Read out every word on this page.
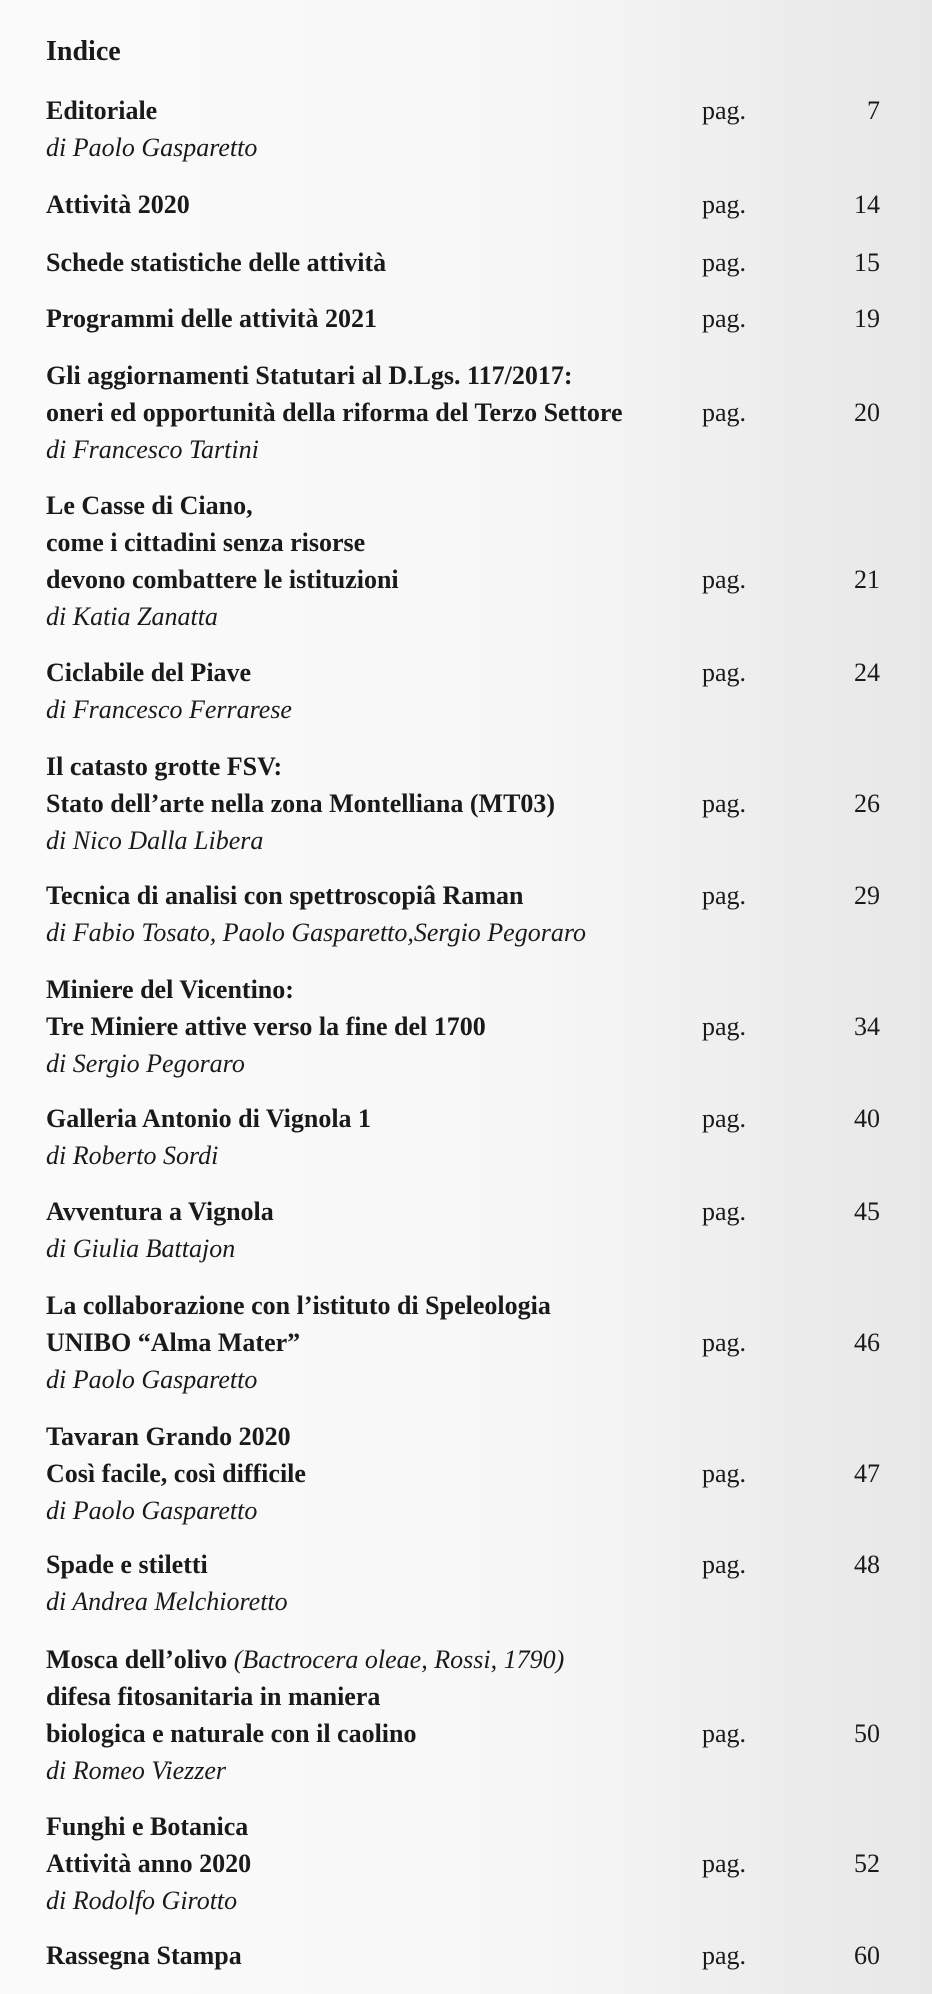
Indice
Editoriale
di Paolo Gasparetto
pag.	7
Attività 2020	pag.	14
Schede statistiche delle attività	pag.	15
Programmi delle attività 2021	pag.	19
Gli aggiornamenti Statutari al D.Lgs. 117/2017:
oneri ed opportunità della riforma del Terzo Settore
di Francesco Tartini
pag.	20
Le Casse di Ciano,
come i cittadini senza risorse
devono combattere le istituzioni
di Katia Zanatta
pag.	21
Ciclabile del Piave
di Francesco Ferrarese
pag.	24
Il catasto grotte FSV:
Stato dell’arte nella zona Montelliana (MT03)
di Nico Dalla Libera
pag.	26
Tecnica di analisi con spettroscopiâ Raman
di Fabio Tosato, Paolo Gasparetto,Sergio Pegoraro
pag.	29
Miniere del Vicentino:
Tre Miniere attive verso la fine del 1700
di Sergio Pegoraro
pag.	34
Galleria Antonio di Vignola 1
di Roberto Sordi
pag.	40
Avventura a Vignola
di Giulia Battajon
pag.	45
La collaborazione con l’istituto di Speleologia
UNIBO “Alma Mater”
di Paolo Gasparetto
pag.	46
Tavaran Grando 2020
Così facile, così difficile
di Paolo Gasparetto
pag.	47
Spade e stiletti
di Andrea Melchioretto
pag.	48
Mosca dell’olivo (Bactrocera oleae, Rossi, 1790)
difesa fitosanitaria in maniera
biologica e naturale con il caolino
di Romeo Viezzer
pag.	50
Funghi e Botanica
Attività anno 2020
di Rodolfo Girotto
pag.	52
Rassegna Stampa	pag.	60
